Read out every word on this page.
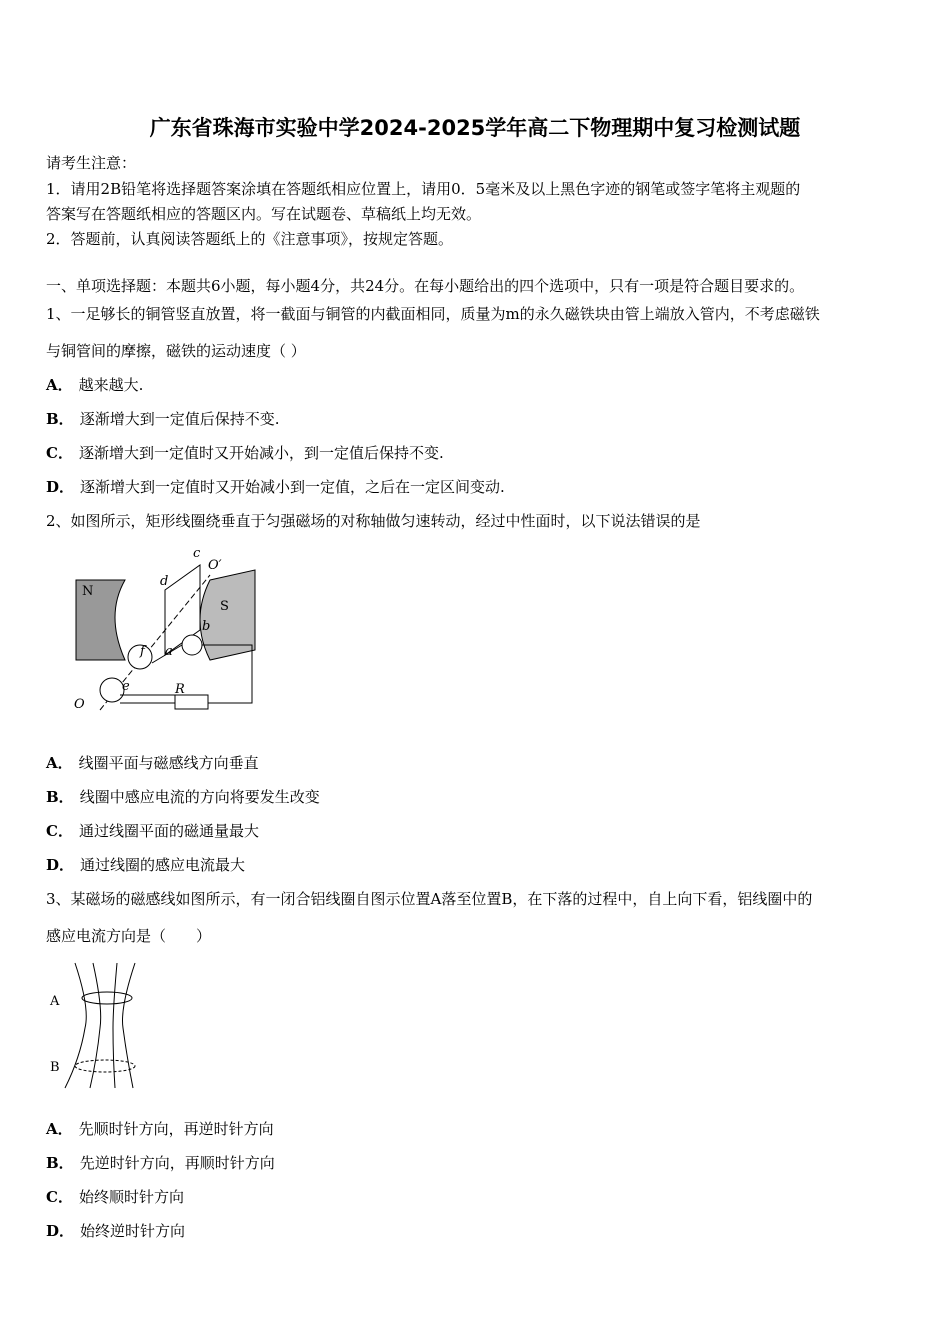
广东省珠海市实验中学2024-2025学年高二下物理期中复习检测试题
请考生注意：
1．请用2B铅笔将选择题答案涂填在答题纸相应位置上，请用0．5毫米及以上黑色字迹的钢笔或签字笔将主观题的
答案写在答题纸相应的答题区内。写在试题卷、草稿纸上均无效。
2．答题前，认真阅读答题纸上的《注意事项》，按规定答题。
一、单项选择题：本题共6小题，每小题4分，共24分。在每小题给出的四个选项中，只有一项是符合题目要求的。
1、一足够长的铜管竖直放置，将一截面与铜管的内截面相同，质量为m的永久磁铁块由管上端放入管内，不考虑磁铁
与铜管间的摩擦，磁铁的运动速度（ ）
A． 越来越大.
B． 逐渐增大到一定值后保持不变.
C． 逐渐增大到一定值时又开始减小，到一定值后保持不变.
D． 逐渐增大到一定值时又开始减小到一定值，之后在一定区间变动.
2、如图所示，矩形线圈绕垂直于匀强磁场的对称轴做匀速转动，经过中性面时，以下说法错误的是
N
S
d
c
b
a
f
e	R
O
O′
A． 线圈平面与磁感线方向垂直
B． 线圈中感应电流的方向将要发生改变
C． 通过线圈平面的磁通量最大
D． 通过线圈的感应电流最大
3、某磁场的磁感线如图所示，有一闭合铝线圈自图示位置A落至位置B，在下落的过程中，自上向下看，铝线圈中的
感应电流方向是（　　）
A
B
A． 先顺时针方向，再逆时针方向
B． 先逆时针方向，再顺时针方向
C． 始终顺时针方向
D． 始终逆时针方向
